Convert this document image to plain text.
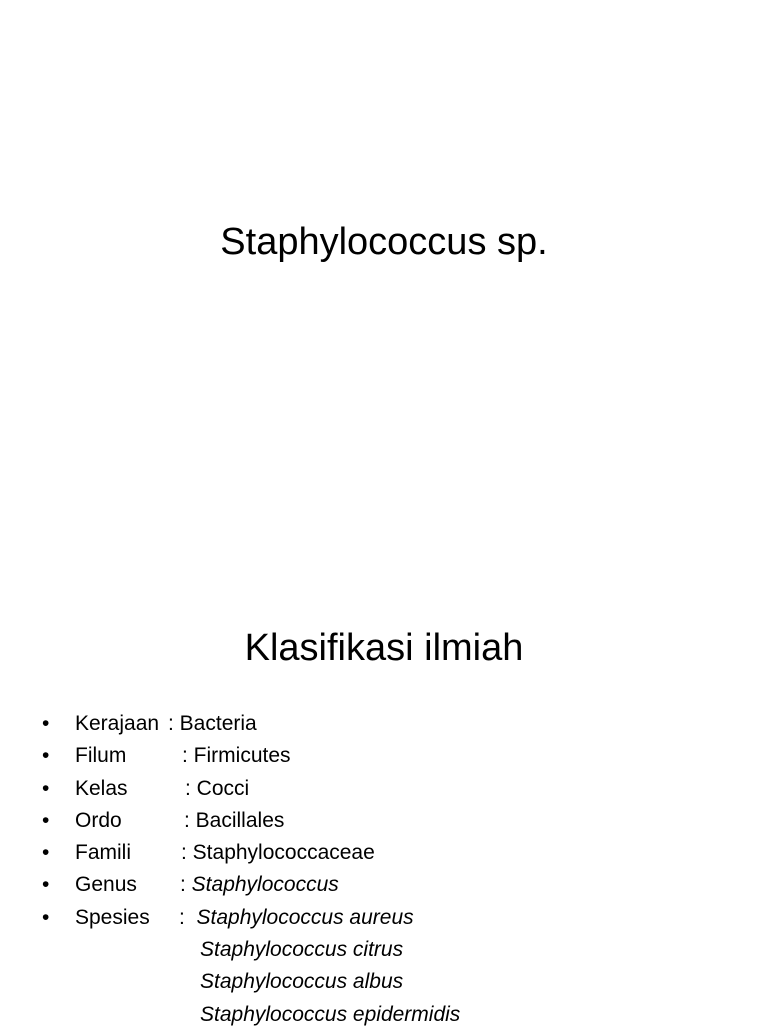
Staphylococcus sp.
Klasifikasi ilmiah
• Kerajaan : Bacteria
• Filum	: Firmicutes
• Kelas	: Cocci
• Ordo	: Bacillales
• Famili : Staphylococcaceae
• Genus : Staphylococcus
• Spesies :  Staphylococcus aureus
Staphylococcus citrus
Staphylococcus albus
Staphylococcus epidermidis
